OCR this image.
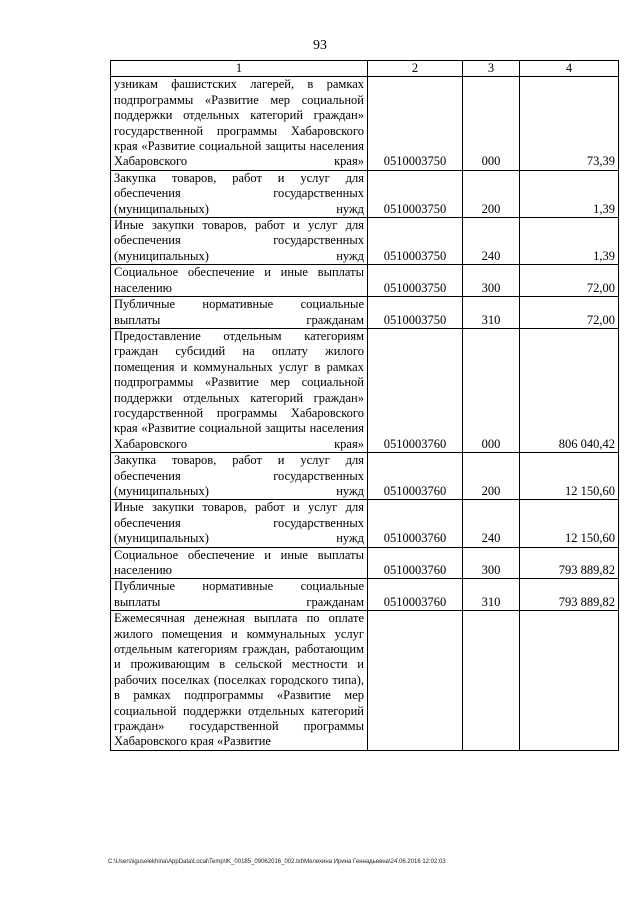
93
1	2	3	4
узникам фашистских лагерей, в рамках подпрограммы «Развитие мер социальной поддержки отдельных категорий граждан» государственной программы Хабаровского края «Развитие социальной защиты населения Хабаровского края»	0510003750	000	73,39
Закупка товаров, работ и услуг для обеспечения государственных (муниципальных) нужд	0510003750	200	1,39
Иные закупки товаров, работ и услуг для обеспечения государственных (муниципальных) нужд	0510003750	240	1,39
Социальное обеспечение и иные выплаты населению	0510003750	300	72,00
Публичные нормативные социальные выплаты гражданам	0510003750	310	72,00
Предоставление отдельным категориям граждан субсидий на оплату жилого помещения и коммунальных услуг в рамках подпрограммы «Развитие мер социальной поддержки отдельных категорий граждан» государственной программы Хабаровского края «Развитие социальной защиты населения Хабаровского края»	0510003760	000	806 040,42
Закупка товаров, работ и услуг для обеспечения государственных (муниципальных) нужд	0510003760	200	12 150,60
Иные закупки товаров, работ и услуг для обеспечения государственных (муниципальных) нужд	0510003760	240	12 150,60
Социальное обеспечение и иные выплаты населению	0510003760	300	793 889,82
Публичные нормативные социальные выплаты гражданам	0510003760	310	793 889,82
Ежемесячная денежная выплата по оплате жилого помещения и коммунальных услуг отдельным категориям граждан, работающим и проживающим в сельской местности и рабочих поселках (поселках городского типа), в рамках подпрограммы «Развитие мер социальной поддержки отдельных категорий граждан» государственной программы Хабаровского края «Развитие			
C:\Users\iguselekhina\AppData\Local\Temp\IK_00185_09062016_002.txt\Мелехина Ирина Геннадьевна\24.06.2016 12:02:03
